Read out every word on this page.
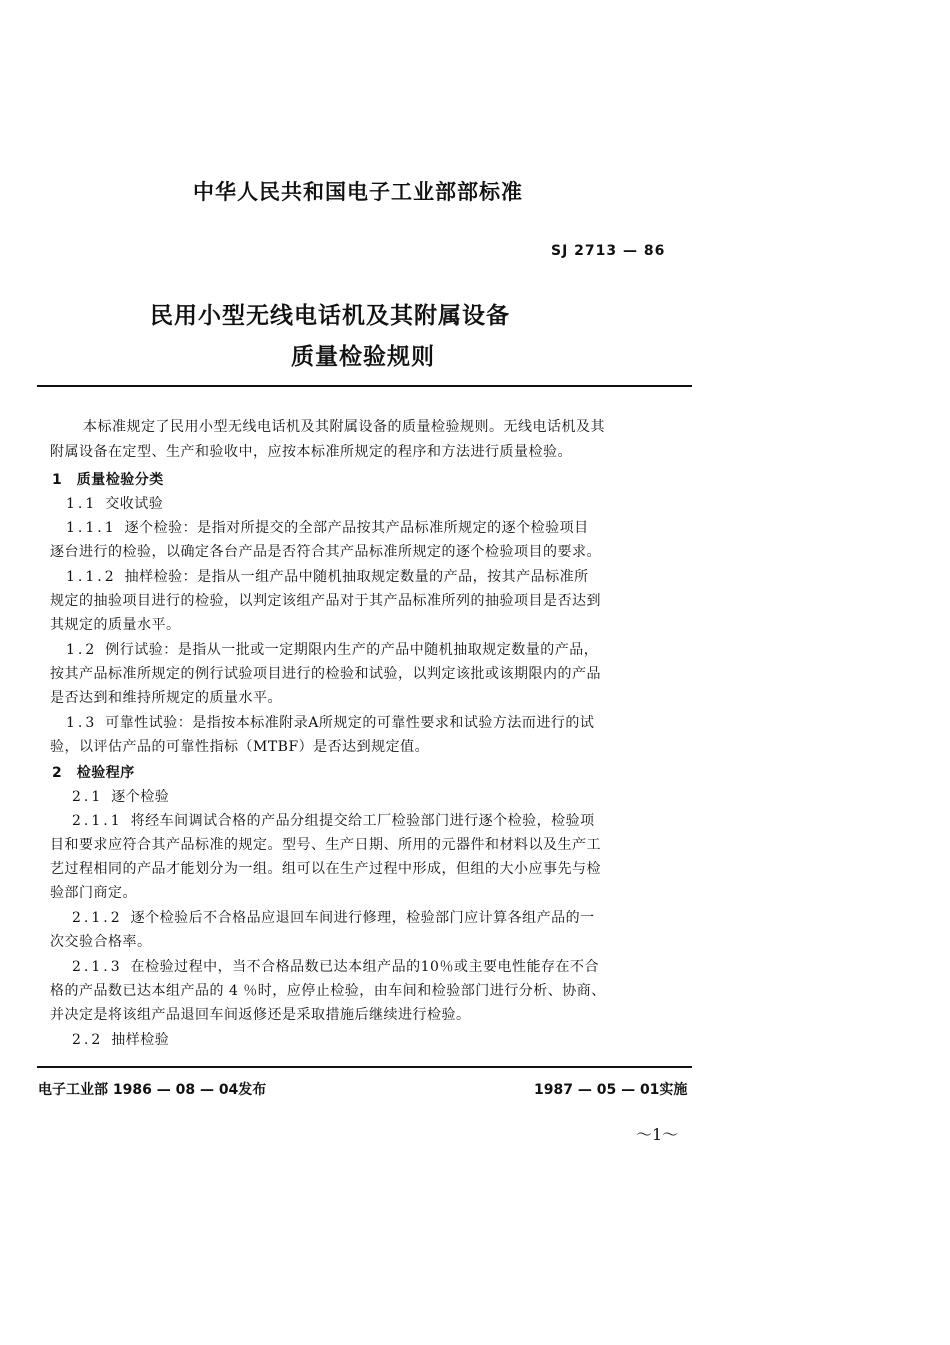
中华人民共和国电子工业部部标准
SJ 2713 — 86
民用小型无线电话机及其附属设备
质量检验规则
本标准规定了民用小型无线电话机及其附属设备的质量检验规则。无线电话机及其
附属设备在定型、生产和验收中，应按本标准所规定的程序和方法进行质量检验。
1　质量检验分类
1.1 交收试验
1.1.1 逐个检验：是指对所提交的全部产品按其产品标准所规定的逐个检验项目
逐台进行的检验，以确定各台产品是否符合其产品标准所规定的逐个检验项目的要求。
1.1.2 抽样检验：是指从一组产品中随机抽取规定数量的产品，按其产品标准所
规定的抽验项目进行的检验，以判定该组产品对于其产品标准所列的抽验项目是否达到
其规定的质量水平。
1.2 例行试验：是指从一批或一定期限内生产的产品中随机抽取规定数量的产品，
按其产品标准所规定的例行试验项目进行的检验和试验，以判定该批或该期限内的产品
是否达到和维持所规定的质量水平。
1.3 可靠性试验：是指按本标准附录A所规定的可靠性要求和试验方法而进行的试
验，以评估产品的可靠性指标（MTBF）是否达到规定值。
2　检验程序
2.1 逐个检验
2.1.1 将经车间调试合格的产品分组提交给工厂检验部门进行逐个检验，检验项
目和要求应符合其产品标准的规定。型号、生产日期、所用的元器件和材料以及生产工
艺过程相同的产品才能划分为一组。组可以在生产过程中形成，但组的大小应事先与检
验部门商定。
2.1.2 逐个检验后不合格品应退回车间进行修理，检验部门应计算各组产品的一
次交验合格率。
2.1.3 在检验过程中，当不合格品数已达本组产品的10％或主要电性能存在不合
格的产品数已达本组产品的 4 ％时，应停止检验，由车间和检验部门进行分析、协商、
并决定是将该组产品退回车间返修还是采取措施后继续进行检验。
2.2 抽样检验
电子工业部 1986 — 08 — 04发布	1987 — 05 — 01实施
～1～
